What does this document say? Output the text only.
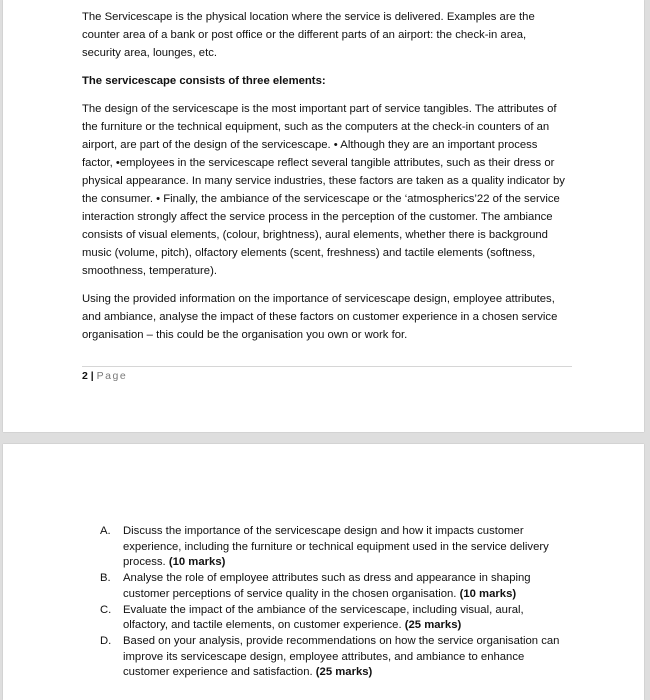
The Servicescape is the physical location where the service is delivered. Examples are the counter area of a bank or post office or the different parts of an airport: the check-in area, security area, lounges, etc.

The servicescape consists of three elements:

The design of the servicescape is the most important part of service tangibles. The attributes of the furniture or the technical equipment, such as the computers at the check-in counters of an airport, are part of the design of the servicescape. • Although they are an important process factor, •employees in the servicescape reflect several tangible attributes, such as their dress or physical appearance. In many service industries, these factors are taken as a quality indicator by the consumer. • Finally, the ambiance of the servicescape or the ‘atmospherics’22 of the service interaction strongly affect the service process in the perception of the customer. The ambiance consists of visual elements, (colour, brightness), aural elements, whether there is background music (volume, pitch), olfactory elements (scent, freshness) and tactile elements (softness, smoothness, temperature).

Using the provided information on the importance of servicescape design, employee attributes, and ambiance, analyse the impact of these factors on customer experience in a chosen service organisation – this could be the organisation you own or work for.

2 | Page
A.	Discuss the importance of the servicescape design and how it impacts customer experience, including the furniture or technical equipment used in the service delivery process. (10 marks)
B.	Analyse the role of employee attributes such as dress and appearance in shaping customer perceptions of service quality in the chosen organisation. (10 marks)
C.	Evaluate the impact of the ambiance of the servicescape, including visual, aural, olfactory, and tactile elements, on customer experience. (25 marks)
D.	Based on your analysis, provide recommendations on how the service organisation can improve its servicescape design, employee attributes, and ambiance to enhance customer experience and satisfaction. (25 marks)
